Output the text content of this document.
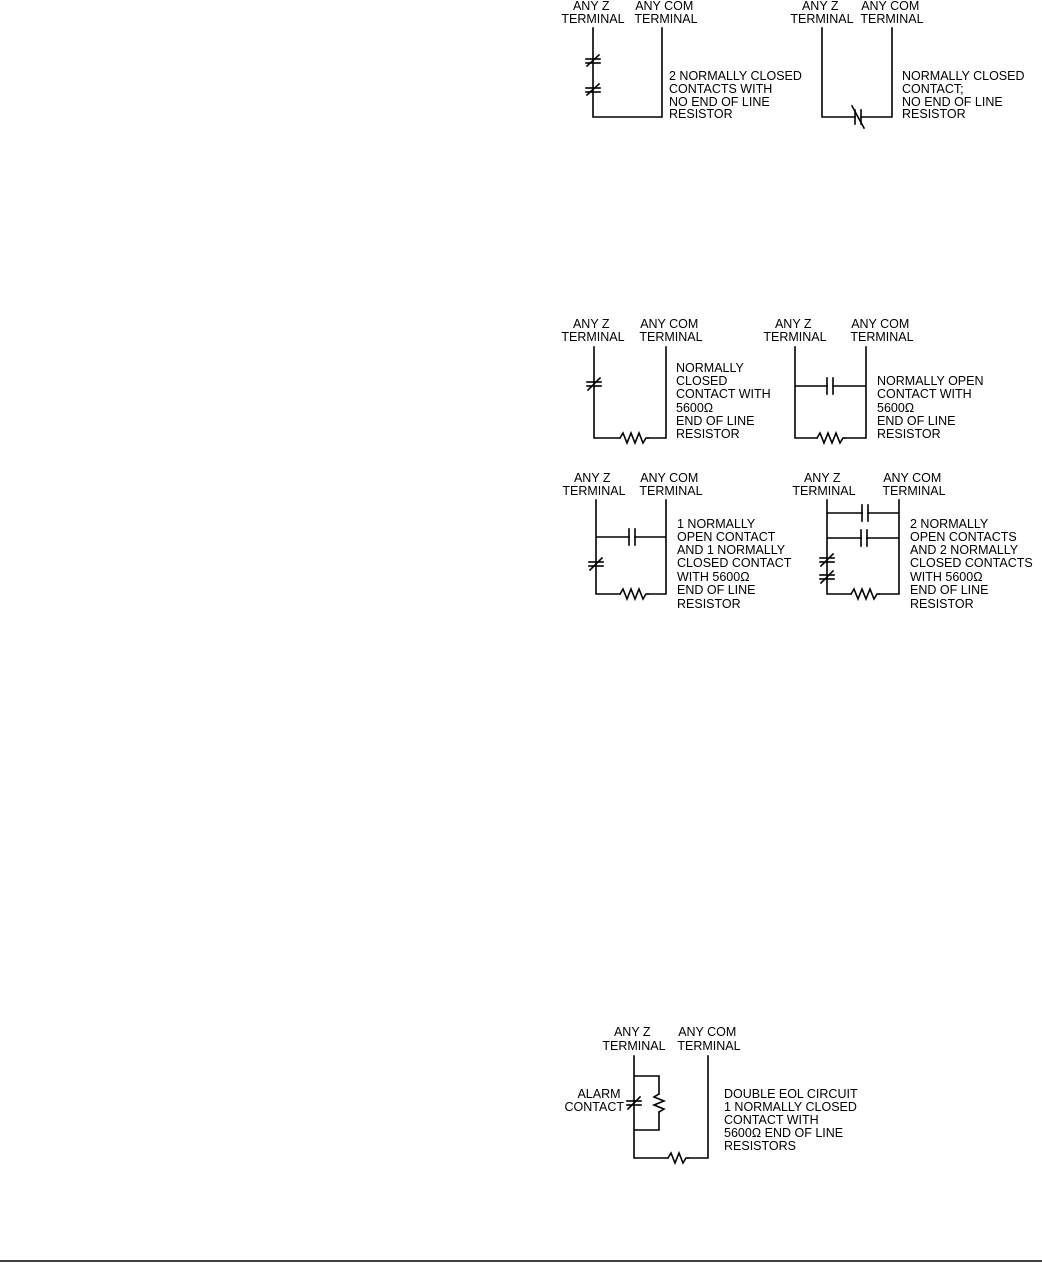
ANY Z TERMINAL
ANY COM TERMINAL
2 NORMALLY CLOSED CONTACTS WITH NO END OF LINE RESISTOR
ANY Z TERMINAL
ANY COM TERMINAL
NORMALLY CLOSED CONTACT; NO END OF LINE RESISTOR
ANY Z TERMINAL
ANY COM TERMINAL
NORMALLY CLOSED CONTACT WITH 5600Ω END OF LINE RESISTOR
ANY Z TERMINAL
ANY COM TERMINAL
NORMALLY OPEN CONTACT WITH 5600Ω END OF LINE RESISTOR
ANY Z TERMINAL
ANY COM TERMINAL
1 NORMALLY OPEN CONTACT AND 1 NORMALLY CLOSED CONTACT WITH 5600Ω END OF LINE RESISTOR
ANY Z TERMINAL
ANY COM TERMINAL
2 NORMALLY OPEN CONTACTS AND 2 NORMALLY CLOSED CONTACTS WITH 5600Ω END OF LINE RESISTOR
ANY Z TERMINAL
ANY COM TERMINAL
ALARM CONTACT
DOUBLE EOL CIRCUIT 1 NORMALLY CLOSED CONTACT WITH 5600Ω END OF LINE RESISTORS
